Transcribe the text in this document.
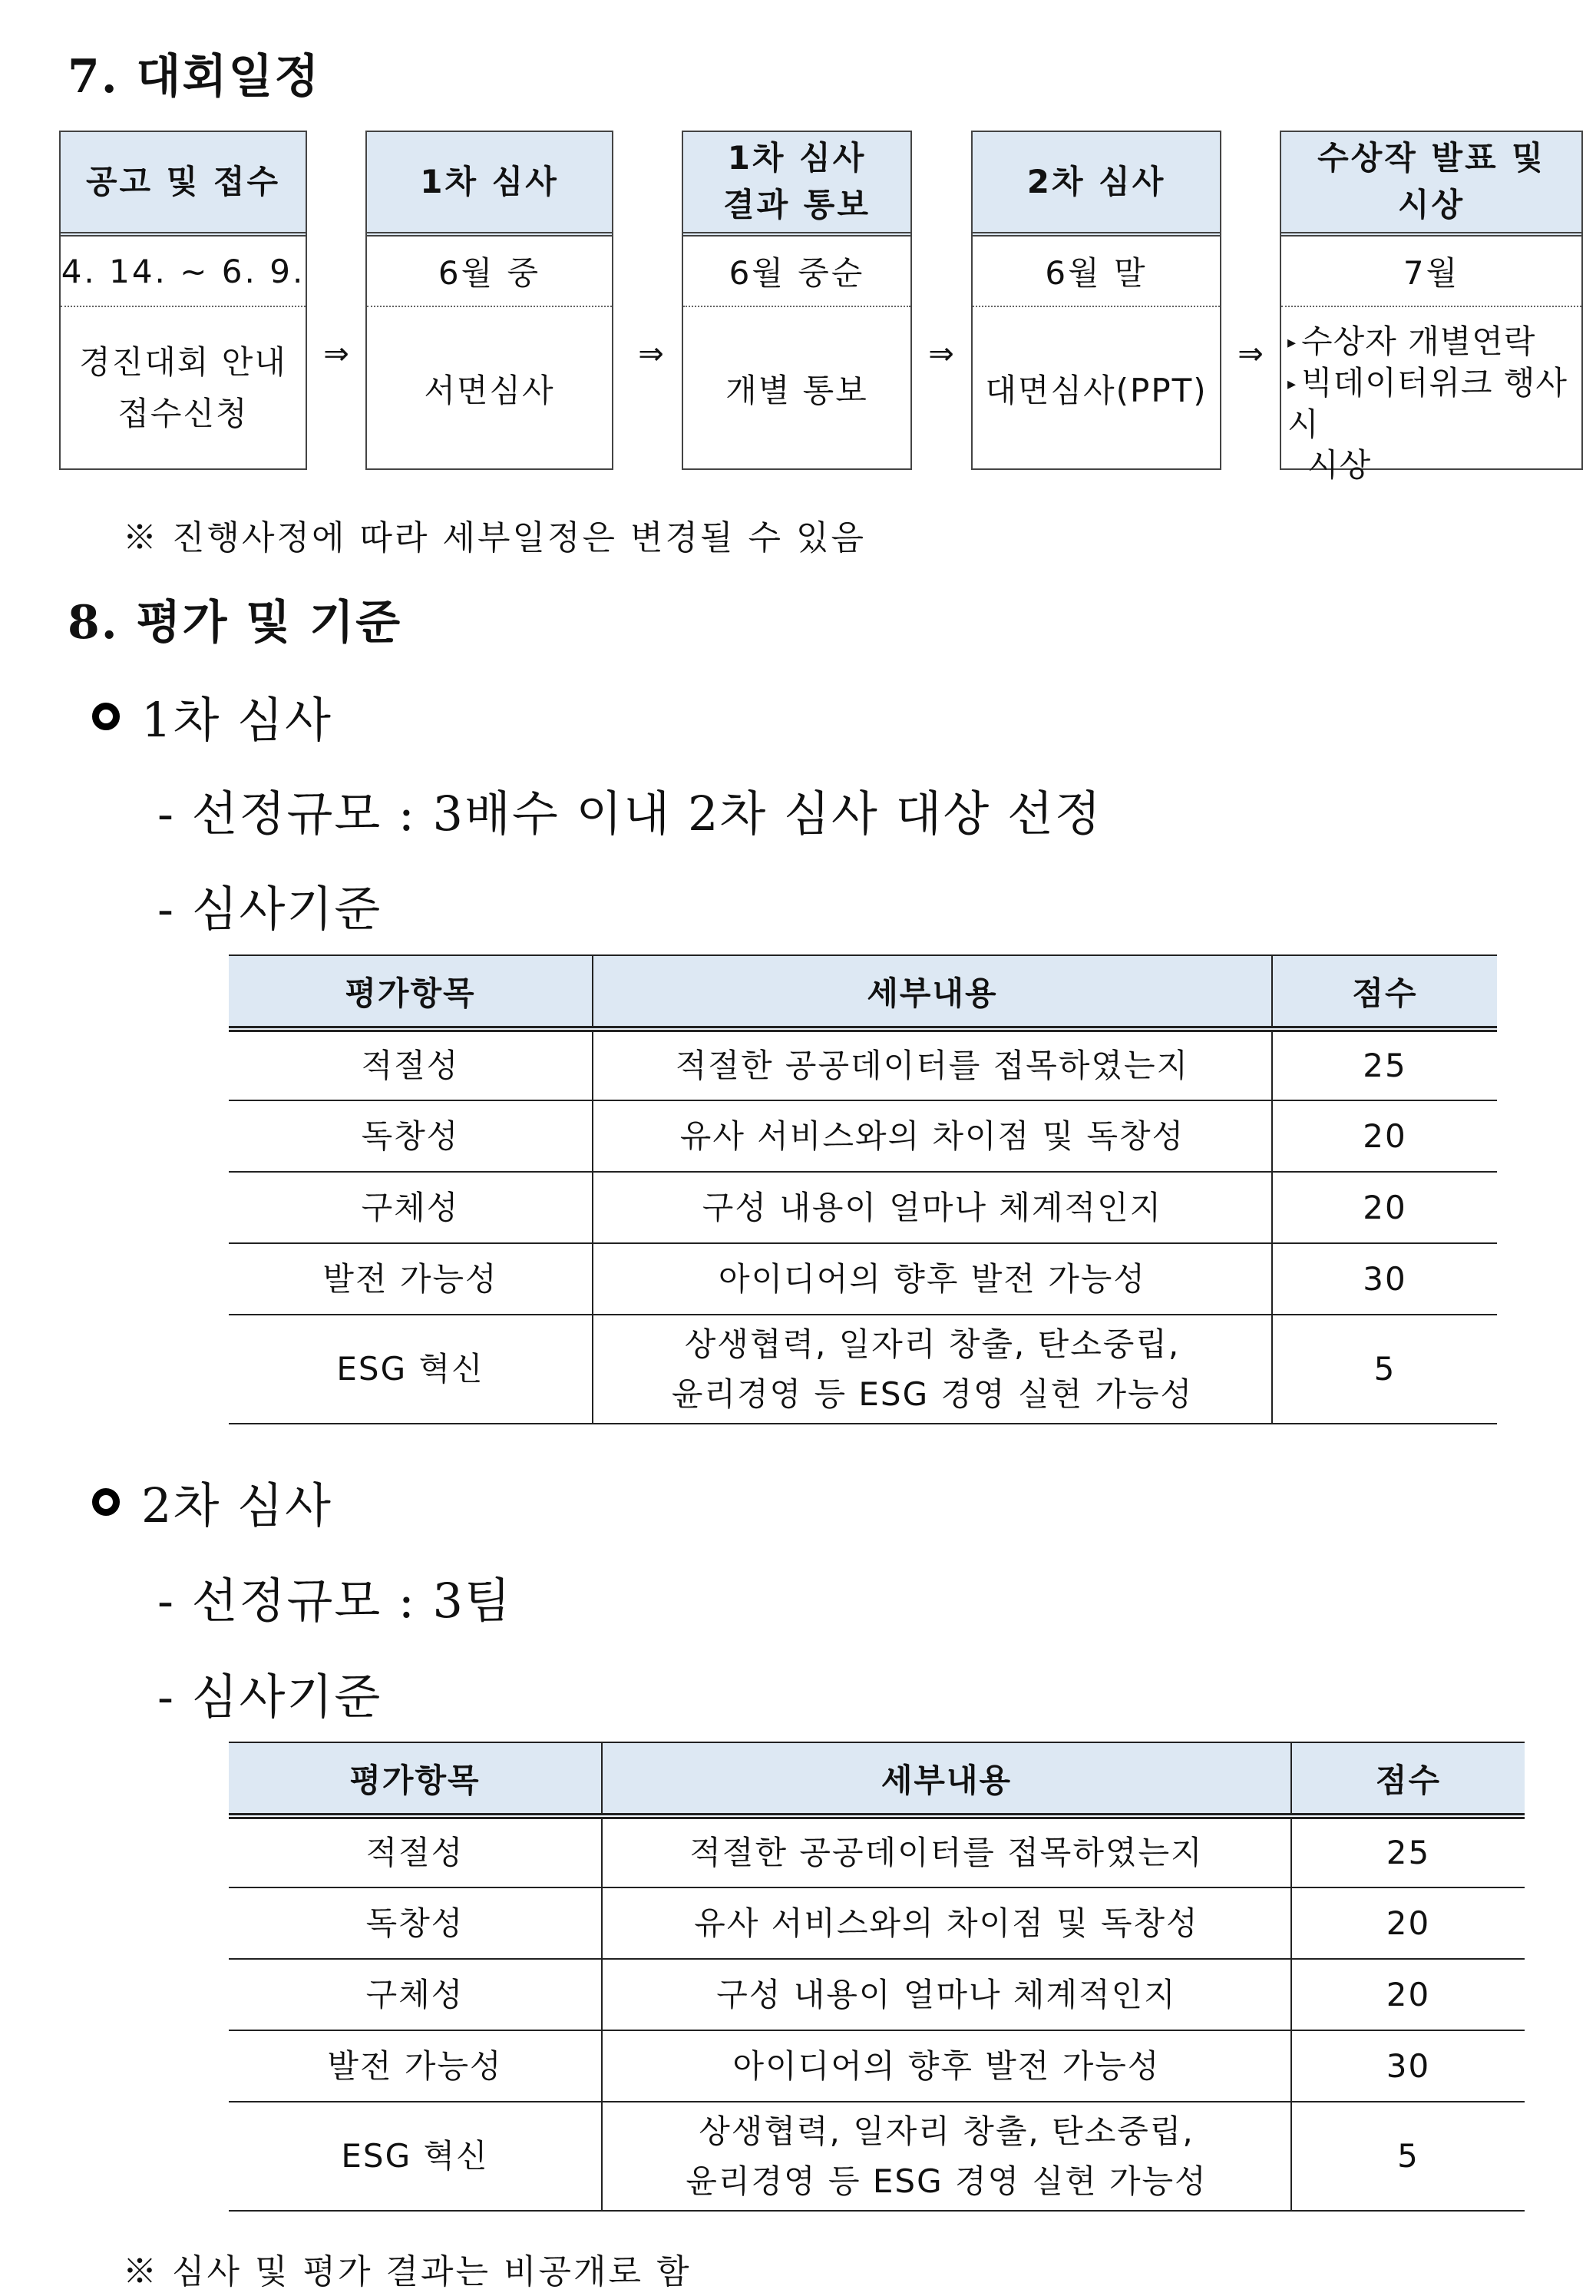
7. 대회일정
공고 및 접수
4. 14. ~ 6. 9.
경진대회 안내
접수신청
⇒
1차 심사
6월 중
서면심사
⇒
1차 심사
결과 통보
6월 중순
개별 통보
⇒
2차 심사
6월 말
대면심사(PPT)
⇒
수상작 발표 및
시상
7월
▸ 수상자 개별연락
▸ 빅데이터위크 행사 시
시상
※ 진행사정에 따라 세부일정은 변경될 수 있음
8. 평가 및 기준
1차 심사
- 선정규모 : 3배수 이내 2차 심사 대상 선정
- 심사기준
평가항목	세부내용	점수
적절성	적절한 공공데이터를 접목하였는지	25
독창성	유사 서비스와의 차이점 및 독창성	20
구체성	구성 내용이 얼마나 체계적인지	20
발전 가능성	아이디어의 향후 발전 가능성	30
ESG 혁신	상생협력, 일자리 창출, 탄소중립,
윤리경영 등 ESG 경영 실현 가능성	5
2차 심사
- 선정규모 : 3팀
- 심사기준
평가항목	세부내용	점수
적절성	적절한 공공데이터를 접목하였는지	25
독창성	유사 서비스와의 차이점 및 독창성	20
구체성	구성 내용이 얼마나 체계적인지	20
발전 가능성	아이디어의 향후 발전 가능성	30
ESG 혁신	상생협력, 일자리 창출, 탄소중립,
윤리경영 등 ESG 경영 실현 가능성	5
※ 심사 및 평가 결과는 비공개로 함
